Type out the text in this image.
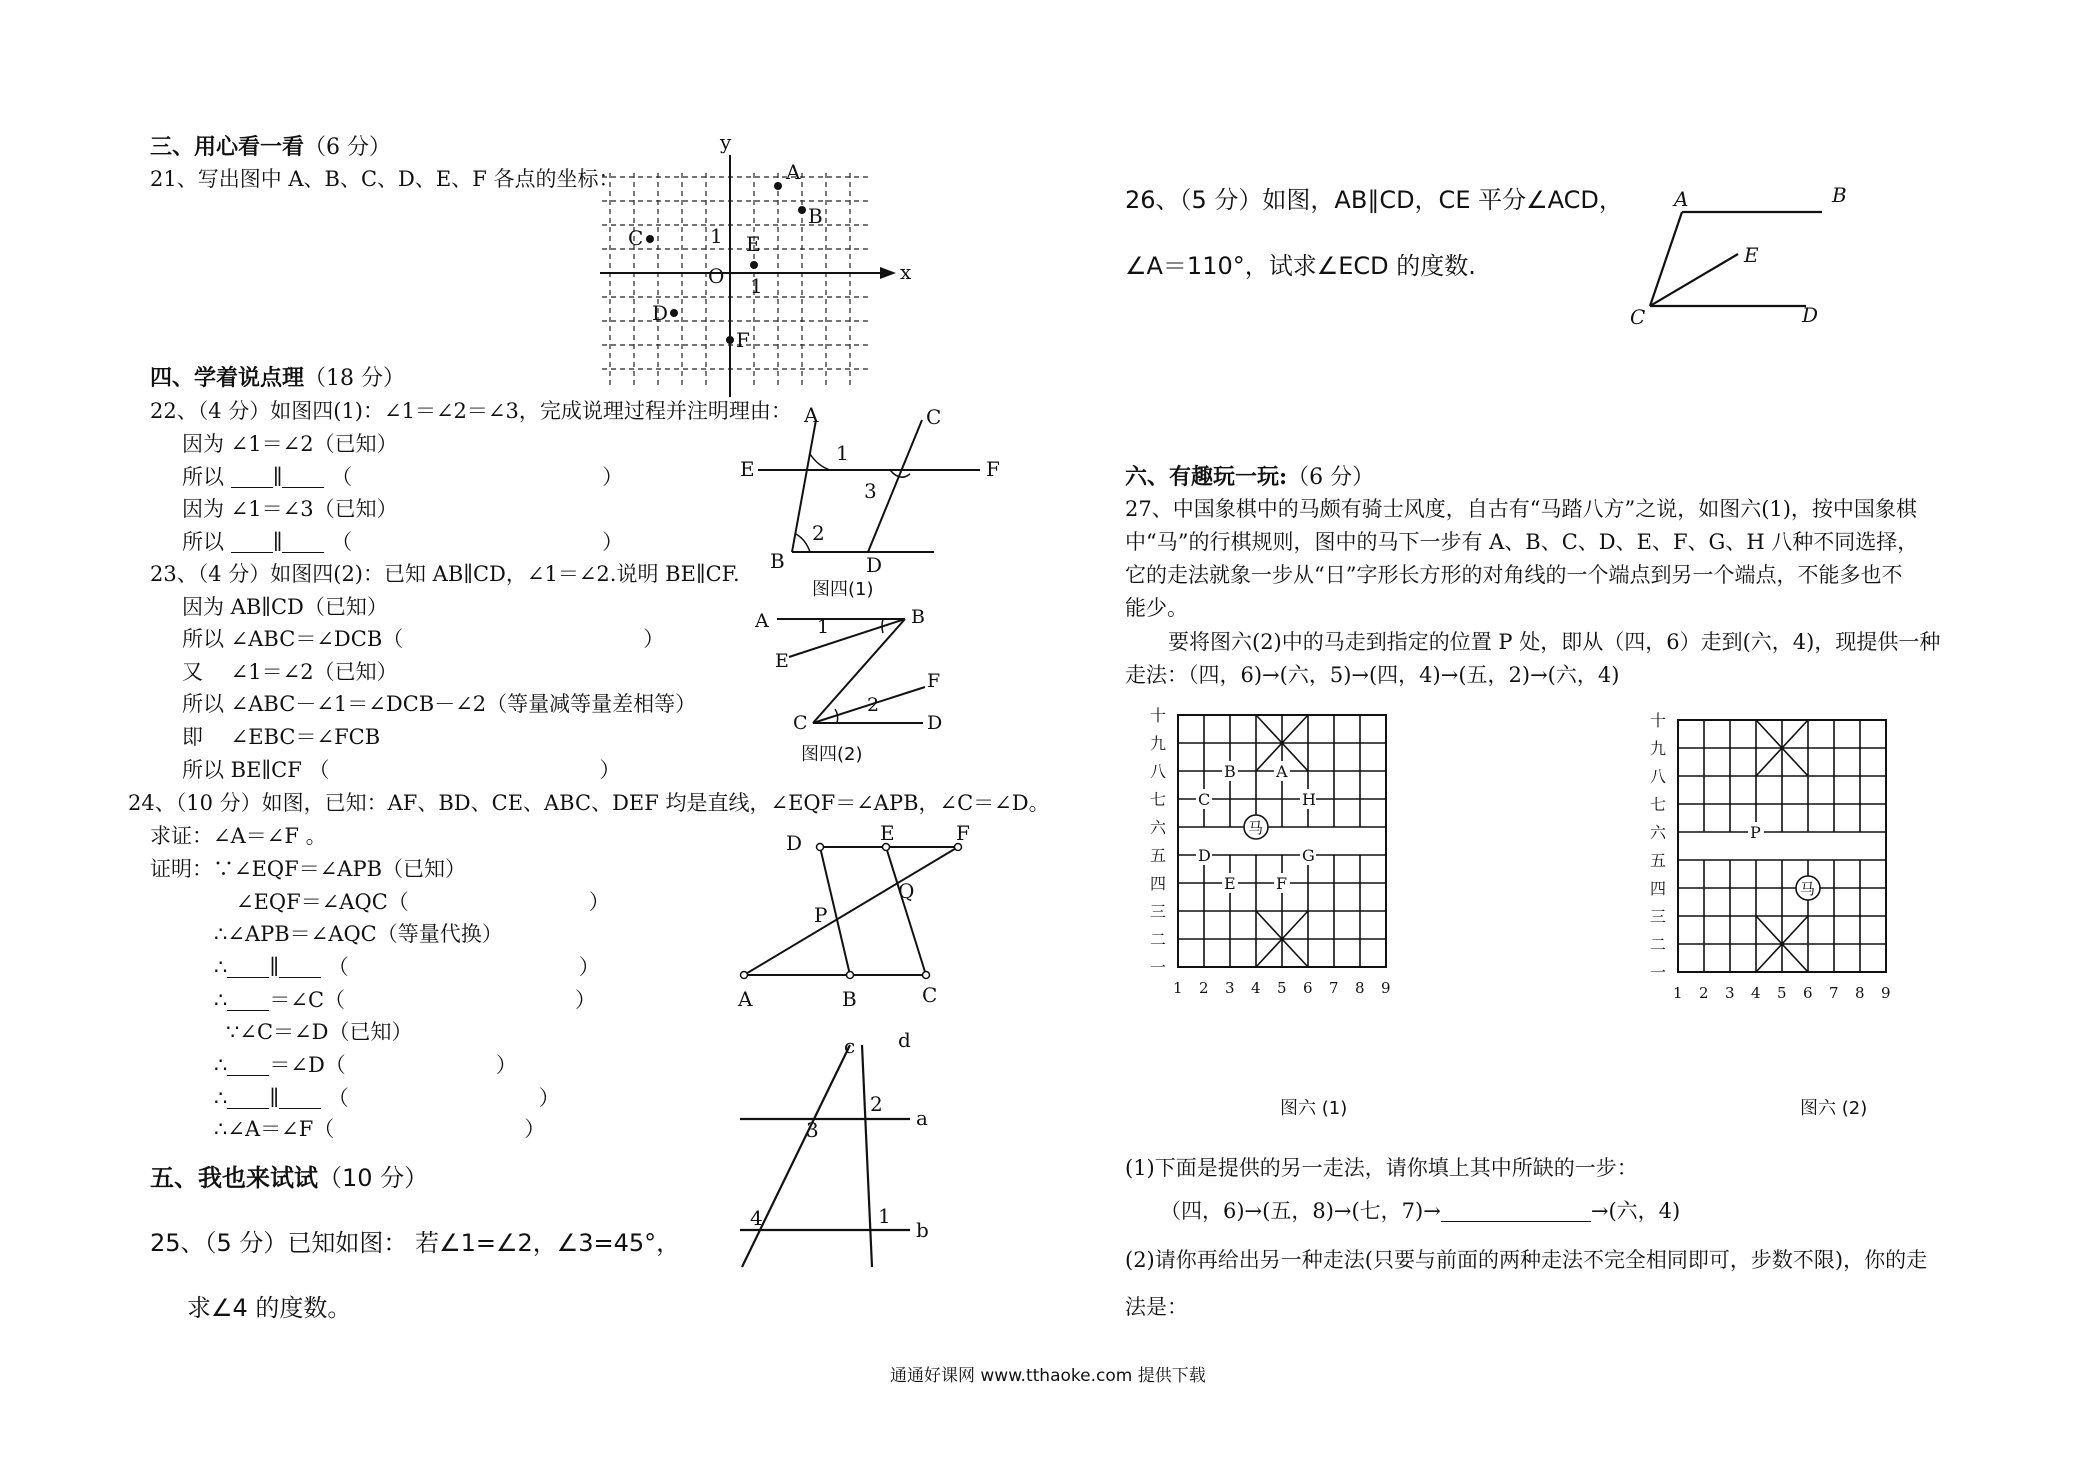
三、用心看一看（6 分）
21、写出图中 A、B、C、D、E、F 各点的坐标：
y
x
O 1
1
A
B
C	E
D
F
四、学着说点理（18 分）
22、（4 分）如图四(1)：∠1＝∠2＝∠3，完成说理过程并注明理由：
因为 ∠1＝∠2（已知）
所以 ∥ （	）
因为 ∠1＝∠3（已知）
所以 ∥ （	）
A	C
E	F
1
3
B
2
D
图四(1)
23、（4 分）如图四(2)：已知 AB∥CD，∠1＝∠2.说明 BE∥CF.
因为 AB∥CD（已知）
所以 ∠ABC＝∠DCB（	）
又　 ∠1＝∠2（已知）
所以 ∠ABC－∠1＝∠DCB－∠2（等量减等量差相等）
即　 ∠EBC＝∠FCB
所以 BE∥CF （	）
A	B
1
E
F
C
2
D
图四(2)
24、（10 分）如图，已知：AF、BD、CE、ABC、DEF 均是直线，∠EQF＝∠APB，∠C＝∠D。
求证：∠A＝∠F 。
证明：∵∠EQF＝∠APB（已知）
∠EQF＝∠AQC（	）
∴∠APB＝∠AQC（等量代换）
∴ ∥ （	）
∴ ＝∠C（	）
∵∠C＝∠D（已知）
∴ ＝∠D（	）
∴ ∥ （	）
∴∠A＝∠F（	）
D	E	F
Q
P
A	B	C
五、我也来试试（10 分）
25、（5 分）已知如图： 若∠1=∠2，∠3=45°，
求∠4 的度数。
c d
2
a
3
4	1
b
26、（5 分）如图，AB∥CD，CE 平分∠ACD，
∠A＝110°，试求∠ECD 的度数.
A	B
E
C	D
六、有趣玩一玩:（6 分）
27、中国象棋中的马颇有骑士风度，自古有“马踏八方”之说，如图六(1)，按中国象棋
中“马”的行棋规则，图中的马下一步有 A、B、C、D、E、F、G、H 八种不同选择，
它的走法就象一步从“日”字形长方形的对角线的一个端点到另一个端点，不能多也不
能少。
要将图六(2)中的马走到指定的位置 P 处，即从（四，6）走到(六，4)，现提供一种
走法：（四，6)→(六，5)→(四，4)→(五，2)→(六，4)
十
九
八
七
六
五
四
三
二
一
1 2 3 4 5 6 7 8 9
A
B
C
D
E	F
G
H
马
十
九
八
七
六
五
四
三
二
一
1 2 3 4 5 6 7 8 9
P
马
图六 (1)	图六 (2)
(1)下面是提供的另一走法，请你填上其中所缺的一步：
（四，6)→(五，8)→(七，7)→	→(六，4)
(2)请你再给出另一种走法(只要与前面的两种走法不完全相同即可，步数不限)，你的走
法是：
通通好课网 www.tthaoke.com 提供下载
